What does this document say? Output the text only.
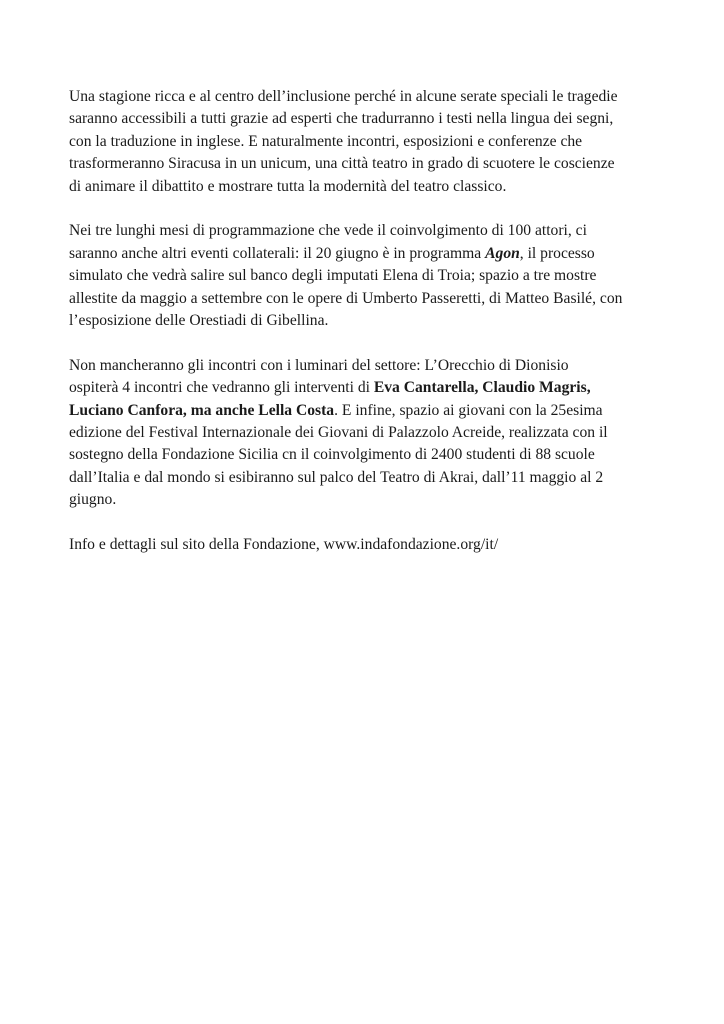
Una stagione ricca e al centro dell’inclusione perché in alcune serate speciali le tragedie
saranno accessibili a tutti grazie ad esperti che tradurranno i testi nella lingua dei segni,
con la traduzione in inglese. E naturalmente incontri, esposizioni e conferenze che
trasformeranno Siracusa in un unicum, una città teatro in grado di scuotere le coscienze
di animare il dibattito e mostrare tutta la modernità del teatro classico.

Nei tre lunghi mesi di programmazione che vede il coinvolgimento di 100 attori, ci
saranno anche altri eventi collaterali: il 20 giugno è in programma Agon, il processo
simulato che vedrà salire sul banco degli imputati Elena di Troia; spazio a tre mostre
allestite da maggio a settembre con le opere di Umberto Passeretti, di Matteo Basilé, con
l’esposizione delle Orestiadi di Gibellina.

Non mancheranno gli incontri con i luminari del settore: L’Orecchio di Dionisio
ospiterà 4 incontri che vedranno gli interventi di Eva Cantarella, Claudio Magris,
Luciano Canfora, ma anche Lella Costa. E infine, spazio ai giovani con la 25esima
edizione del Festival Internazionale dei Giovani di Palazzolo Acreide, realizzata con il
sostegno della Fondazione Sicilia cn il coinvolgimento di 2400 studenti di 88 scuole
dall’Italia e dal mondo si esibiranno sul palco del Teatro di Akrai, dall’11 maggio al 2
giugno.

Info e dettagli sul sito della Fondazione, www.indafondazione.org/it/
